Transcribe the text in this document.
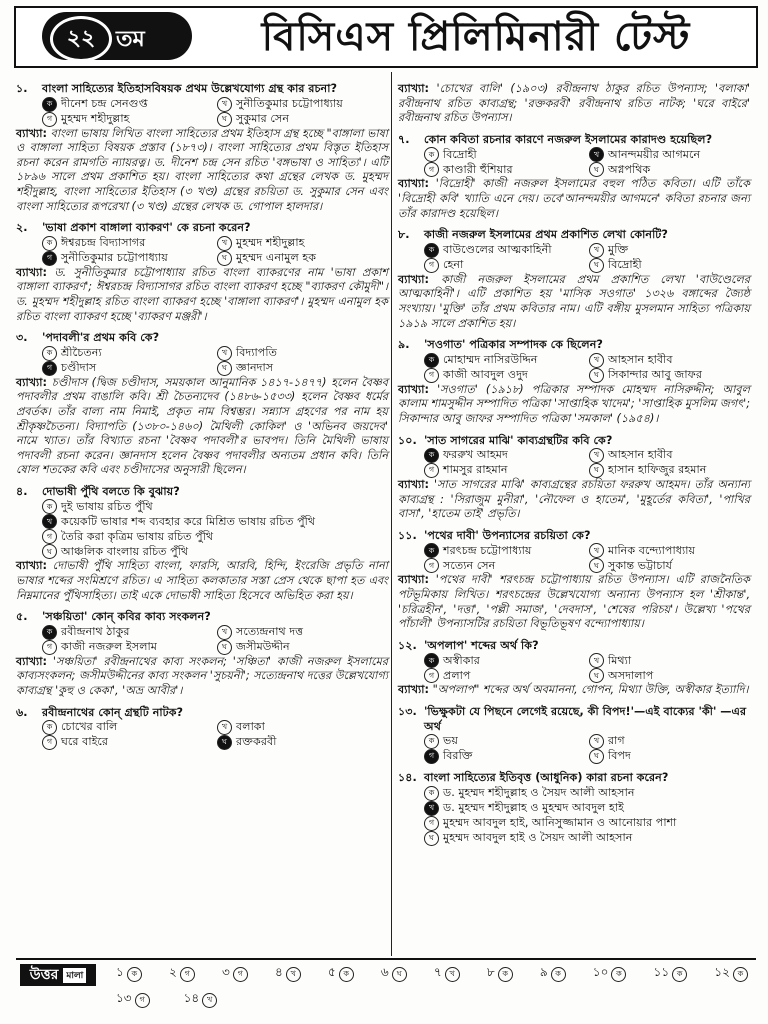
২২ তম	বিসিএস প্রিলিমিনারী টেস্ট
১.	বাংলা সাহিত্যের ইতিহাসবিষয়ক প্রথম উল্লেখযোগ্য গ্রন্থ কার রচনা?
ক দীনেশ চন্দ্র সেনগুপ্ত	খ সুনীতিকুমার চট্টোপাধ্যায়
গ মুহম্মদ শহীদুল্লাহ	ঘ সুকুমার সেন
ব্যাখ্যা: বাংলা ভাষায় লিখিত বাংলা সাহিত্যের প্রথম ইতিহাস গ্রন্থ হচ্ছে "বাঙ্গালা ভাষা ও বাঙ্গালা সাহিত্য বিষয়ক প্রস্তাব (১৮৭৩)। বাংলা সাহিত্যের প্রথম বিস্তৃত ইতিহাস রচনা করেন রামগতি ন্যায়রত্ন। ড. দীনেশ চন্দ্র সেন রচিত 'বঙ্গভাষা ও সাহিত্য'। এটি ১৮৯৬ সালে প্রথম প্রকাশিত হয়। বাংলা সাহিত্যের কথা গ্রন্থের লেখক ড. মুহম্মদ শহীদুল্লাহ, বাংলা সাহিত্যের ইতিহাস (৩ খণ্ড) গ্রন্থের রচয়িতা ড. সুকুমার সেন এবং বাংলা সাহিত্যের রূপরেখা (৩ খণ্ড) গ্রন্থের লেখক ড. গোপাল হালদার।
২.	'ভাষা প্রকাশ বাঙ্গালা ব্যাকরণ' কে রচনা করেন?
ক ঈশ্বরচন্দ্র বিদ্যাসাগর	খ মুহম্মদ শহীদুল্লাহ
গ সুনীতিকুমার চট্টোপাধ্যায়	ঘ মুহম্মদ এনামুল হক
ব্যাখ্যা: ড. সুনীতিকুমার চট্টোপাধ্যায় রচিত বাংলা ব্যাকরণের নাম 'ভাষা প্রকাশ বাঙ্গালা ব্যাকরণ'; ঈশ্বরচন্দ্র বিদ্যাসাগর রচিত বাংলা ব্যাকরণ হচ্ছে "ব্যাকরণ কৌমুদী"। ড. মুহম্মদ শহীদুল্লাহ রচিত বাংলা ব্যাকরণ হচ্ছে 'বাঙ্গালা ব্যাকরণ'। মুহম্মদ এনামুল হক রচিত বাংলা ব্যাকরণ হচ্ছে 'ব্যাকরণ মঞ্জরী'।
৩.	'পদাবলী'র প্রথম কবি কে?
ক শ্রীচৈতন্য	খ বিদ্যাপতি
গ চণ্ডীদাস	ঘ জ্ঞানদাস
ব্যাখ্যা: চণ্ডীদাস (দ্বিজ চণ্ডীদাস, সময়কাল আনুমানিক ১৪১৭-১৪৭৭) হলেন বৈষ্ণব পদাবলীর প্রথম বাঙালি কবি। শ্রী চৈতন্যদেব (১৪৮৬-১৫৩৩) হলেন বৈষ্ণব ধর্মের প্রবর্তক। তাঁর বাল্য নাম নিমাই, প্রকৃত নাম বিশ্বম্ভর। সন্ন্যাস গ্রহণের পর নাম হয় শ্রীকৃষ্ণচৈতন্য। বিদ্যাপতি (১৩৮০-১৪৬০) মৈথিলী কোকিল' ও 'অভিনব জয়দেব' নামে খ্যাত। তাঁর বিখ্যাত রচনা 'বৈষ্ণব পদাবলী'র ভাবপদ। তিনি মৈথিলী ভাষায় পদাবলী রচনা করেন। জ্ঞানদাস হলেন বৈষ্ণব পদাবলীর অন্যতম প্রধান কবি। তিনি ষোল শতকের কবি এবং চণ্ডীদাসের অনুসারী ছিলেন।
৪.	দোভাষী পুঁথি বলতে কি বুঝায়?
ক দুই ভাষায় রচিত পুঁথি
খ কয়েকটি ভাষার শব্দ ব্যবহার করে মিশ্রিত ভাষায় রচিত পুঁথি
গ তৈরি করা কৃত্রিম ভাষায় রচিত পুঁথি
ঘ আঞ্চলিক বাংলায় রচিত পুঁথি
ব্যাখ্যা: দোভাষী পুঁথি সাহিত্য বাংলা, ফারসি, আরবি, হিন্দি, ইংরেজি প্রভৃতি নানা ভাষার শব্দের সংমিশ্রণে রচিত। এ সাহিত্য কলকাতার সস্তা প্রেস থেকে ছাপা হত এবং নিম্নমানের পুঁথিসাহিত্য। তাই একে দোভাষী সাহিত্য হিসেবে অভিহিত করা হয়।
৫.	'সঞ্চয়িতা' কোন্ কবির কাব্য সংকলন?
ক রবীন্দ্রনাথ ঠাকুর	খ সত্যেন্দ্রনাথ দত্ত
গ কাজী নজরুল ইসলাম	ঘ জসীমউদ্দীন
ব্যাখ্যা: 'সঞ্চয়িতা' রবীন্দ্রনাথের কাব্য সংকলন; 'সঞ্চিতা' কাজী নজরুল ইসলামের কাব্যসংকলন; জসীমউদ্দীনের কাব্য সংকলন 'সুচয়নী'; সত্যেন্দ্রনাথ দত্তের উল্লেখযোগ্য কাব্যগ্রন্থ 'কুহু ও কেকা', 'অভ্র আবীর'।
৬.	রবীন্দ্রনাথের কোন্ গ্রন্থটি নাটক?
ক চোখের বালি	খ বলাকা
গ ঘরে বাইরে	ঘ রক্তকরবী
ব্যাখ্যা: 'চোখের বালি' (১৯০৩) রবীন্দ্রনাথ ঠাকুর রচিত উপন্যাস; 'বলাকা' রবীন্দ্রনাথ রচিত কাব্যগ্রন্থ; 'রক্তকরবী' রবীন্দ্রনাথ রচিত নাটক; 'ঘরে বাইরে' রবীন্দ্রনাথ রচিত উপন্যাস।
৭.	কোন কবিতা রচনার কারণে নজরুল ইসলামের কারাদণ্ড হয়েছিল?
ক বিদ্রোহী	খ আনন্দময়ীর আগমনে
গ কাণ্ডারী হুঁশিয়ার	ঘ অগ্নপথিক
ব্যাখ্যা: 'বিদ্রোহী' কাজী নজরুল ইসলামের বহুল পঠিত কবিতা। এটি তাঁকে 'বিদ্রোহী কবি' খ্যাতি এনে দেয়। তবে'আনন্দময়ীর আগমনে' কবিতা রচনার জন্য তাঁর কারাদণ্ড হয়েছিল।
৮.	কাজী নজরুল ইসলামের প্রথম প্রকাশিত লেখা কোনটি?
ক বাউণ্ডেলের আত্মকাহিনী	খ মুক্তি
গ হেনা	ঘ বিদ্রোহী
ব্যাখ্যা: কাজী নজরুল ইসলামের প্রথম প্রকাশিত লেখা 'বাউণ্ডেলের আত্মকাহিনী'। এটি প্রকাশিত হয় 'মাসিক সওগাত' ১৩২৬ বঙ্গাব্দের জ্যৈষ্ঠ সংখ্যায়। 'মুক্তি' তাঁর প্রথম কবিতার নাম। এটি বঙ্গীয় মুসলমান সাহিত্য পত্রিকায় ১৯১৯ সালে প্রকাশিত হয়।
৯.	'সওগাত' পত্রিকার সম্পাদক কে ছিলেন?
ক মোহাম্মদ নাসিরউদ্দিন	খ আহসান হাবীব
গ কাজী আবদুল ওদুদ	ঘ সিকান্দার আবু জাফর
ব্যাখ্যা: 'সওগাত' (১৯১৮) পত্রিকার সম্পাদক মোহম্মদ নাসিরুদ্দীন; আবুল কালাম শামসুদ্দীন সম্পাদিত পত্রিকা 'সাপ্তাহিক খাদেম'; 'সাপ্তাহিক মুসলিম জগৎ'; সিকান্দার আবু জাফর সম্পাদিত পত্রিকা 'সমকাল' (১৯৫৪)।
১০. 'সাত সাগরের মাঝি' কাব্যগ্রন্থটির কবি কে?
ক ফররুখ আহমদ	খ আহসান হাবীব
গ শামসুর রাহমান	ঘ হাসান হাফিজুর রহমান
ব্যাখ্যা: 'সাত সাগরের মাঝি' কাব্যগ্রন্থের রচয়িতা ফররুখ আহমদ। তাঁর অন্যান্য কাব্যগ্রন্থ : 'সিরাজুম মুনীরা', 'নৌফেল ও হাতেম', 'মুহূর্তের কবিতা', 'পাখির বাসা', 'হাতেম তাই' প্রভৃতি।
১১. 'পথের দাবী' উপন্যাসের রচয়িতা কে?
ক শরৎচন্দ্র চট্টোপাধ্যায়	খ মানিক বন্দ্যোপাধ্যায়
গ সত্যেন সেন	ঘ সুকান্ত ভট্টাচার্য
ব্যাখ্যা: 'পথের দাবী' শরৎচন্দ্র চট্টোপাধ্যায় রচিত উপন্যাস। এটি রাজনৈতিক পটভূমিকায় লিখিত। শরৎচন্দ্রের উল্লেখযোগ্য অন্যান্য উপন্যাস হল 'শ্রীকান্ত', 'চরিত্রহীন', 'দত্তা', 'পল্লী সমাজ', 'দেবদাস', 'শেষের পরিচয়'। উল্লেখ্য 'পথের পাঁচালী' উপন্যাসটির রচয়িতা বিভূতিভূষণ বন্দ্যোপাধ্যায়।
১২. 'অপলাপ' শব্দের অর্থ কি?
ক অস্বীকার	খ মিথ্যা
গ প্রলাপ	ঘ অসদালাপ
ব্যাখ্যা: "অপলাপ" শব্দের অর্থ অবমাননা, গোপন, মিথ্যা উক্তি, অস্বীকার ইত্যাদি।
১৩. 'ভিক্ষুকটা যে পিছনে লেগেই রয়েছে, কী বিপদ!'—এই বাক্যের 'কী' —এর অর্থ
ক ভয়	খ রাগ
গ বিরক্তি	ঘ বিপদ
১৪. বাংলা সাহিত্যের ইতিবৃত্ত (আধুনিক) কারা রচনা করেন?
ক ড. মুহম্মদ শহীদুল্লাহ ও সৈয়দ আলী আহসান
খ ড. মুহম্মদ শহীদুল্লাহ ও মুহম্মদ আবদুল হাই
গ মুহম্মদ আবদুল হাই, আনিসুজ্জামান ও আনোয়ার পাশা
ঘ মুহম্মদ আবদুল হাই ও সৈয়দ আলী আহসান
উত্তর মালা	১ ক	২ গ	৩ গ	৪ খ	৫ ক	৬	ঘ	৭ খ	৮ ক	৯ ক	১০ ক	১১ ক	১২ ক
১৩ গ	১৪ খ
